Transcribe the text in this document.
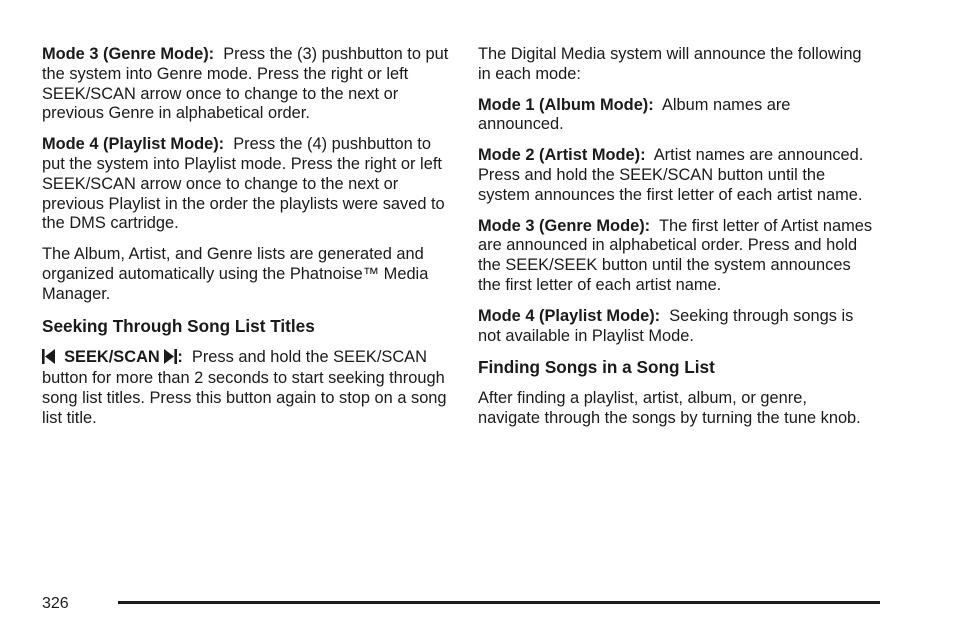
Mode 3 (Genre Mode): Press the (3) pushbutton to put the system into Genre mode. Press the right or left SEEK/SCAN arrow once to change to the next or previous Genre in alphabetical order.

Mode 4 (Playlist Mode): Press the (4) pushbutton to put the system into Playlist mode. Press the right or left SEEK/SCAN arrow once to change to the next or previous Playlist in the order the playlists were saved to the DMS cartridge.

The Album, Artist, and Genre lists are generated and organized automatically using the Phatnoise™ Media Manager.

Seeking Through Song List Titles

SEEK/SCAN : Press and hold the SEEK/SCAN button for more than 2 seconds to start seeking through song list titles. Press this button again to stop on a song list title.

The Digital Media system will announce the following in each mode:

Mode 1 (Album Mode): Album names are announced.

Mode 2 (Artist Mode): Artist names are announced. Press and hold the SEEK/SCAN button until the system announces the first letter of each artist name.

Mode 3 (Genre Mode): The first letter of Artist names are announced in alphabetical order. Press and hold the SEEK/SEEK button until the system announces the first letter of each artist name.

Mode 4 (Playlist Mode): Seeking through songs is not available in Playlist Mode.

Finding Songs in a Song List

After finding a playlist, artist, album, or genre, navigate through the songs by turning the tune knob.

326
